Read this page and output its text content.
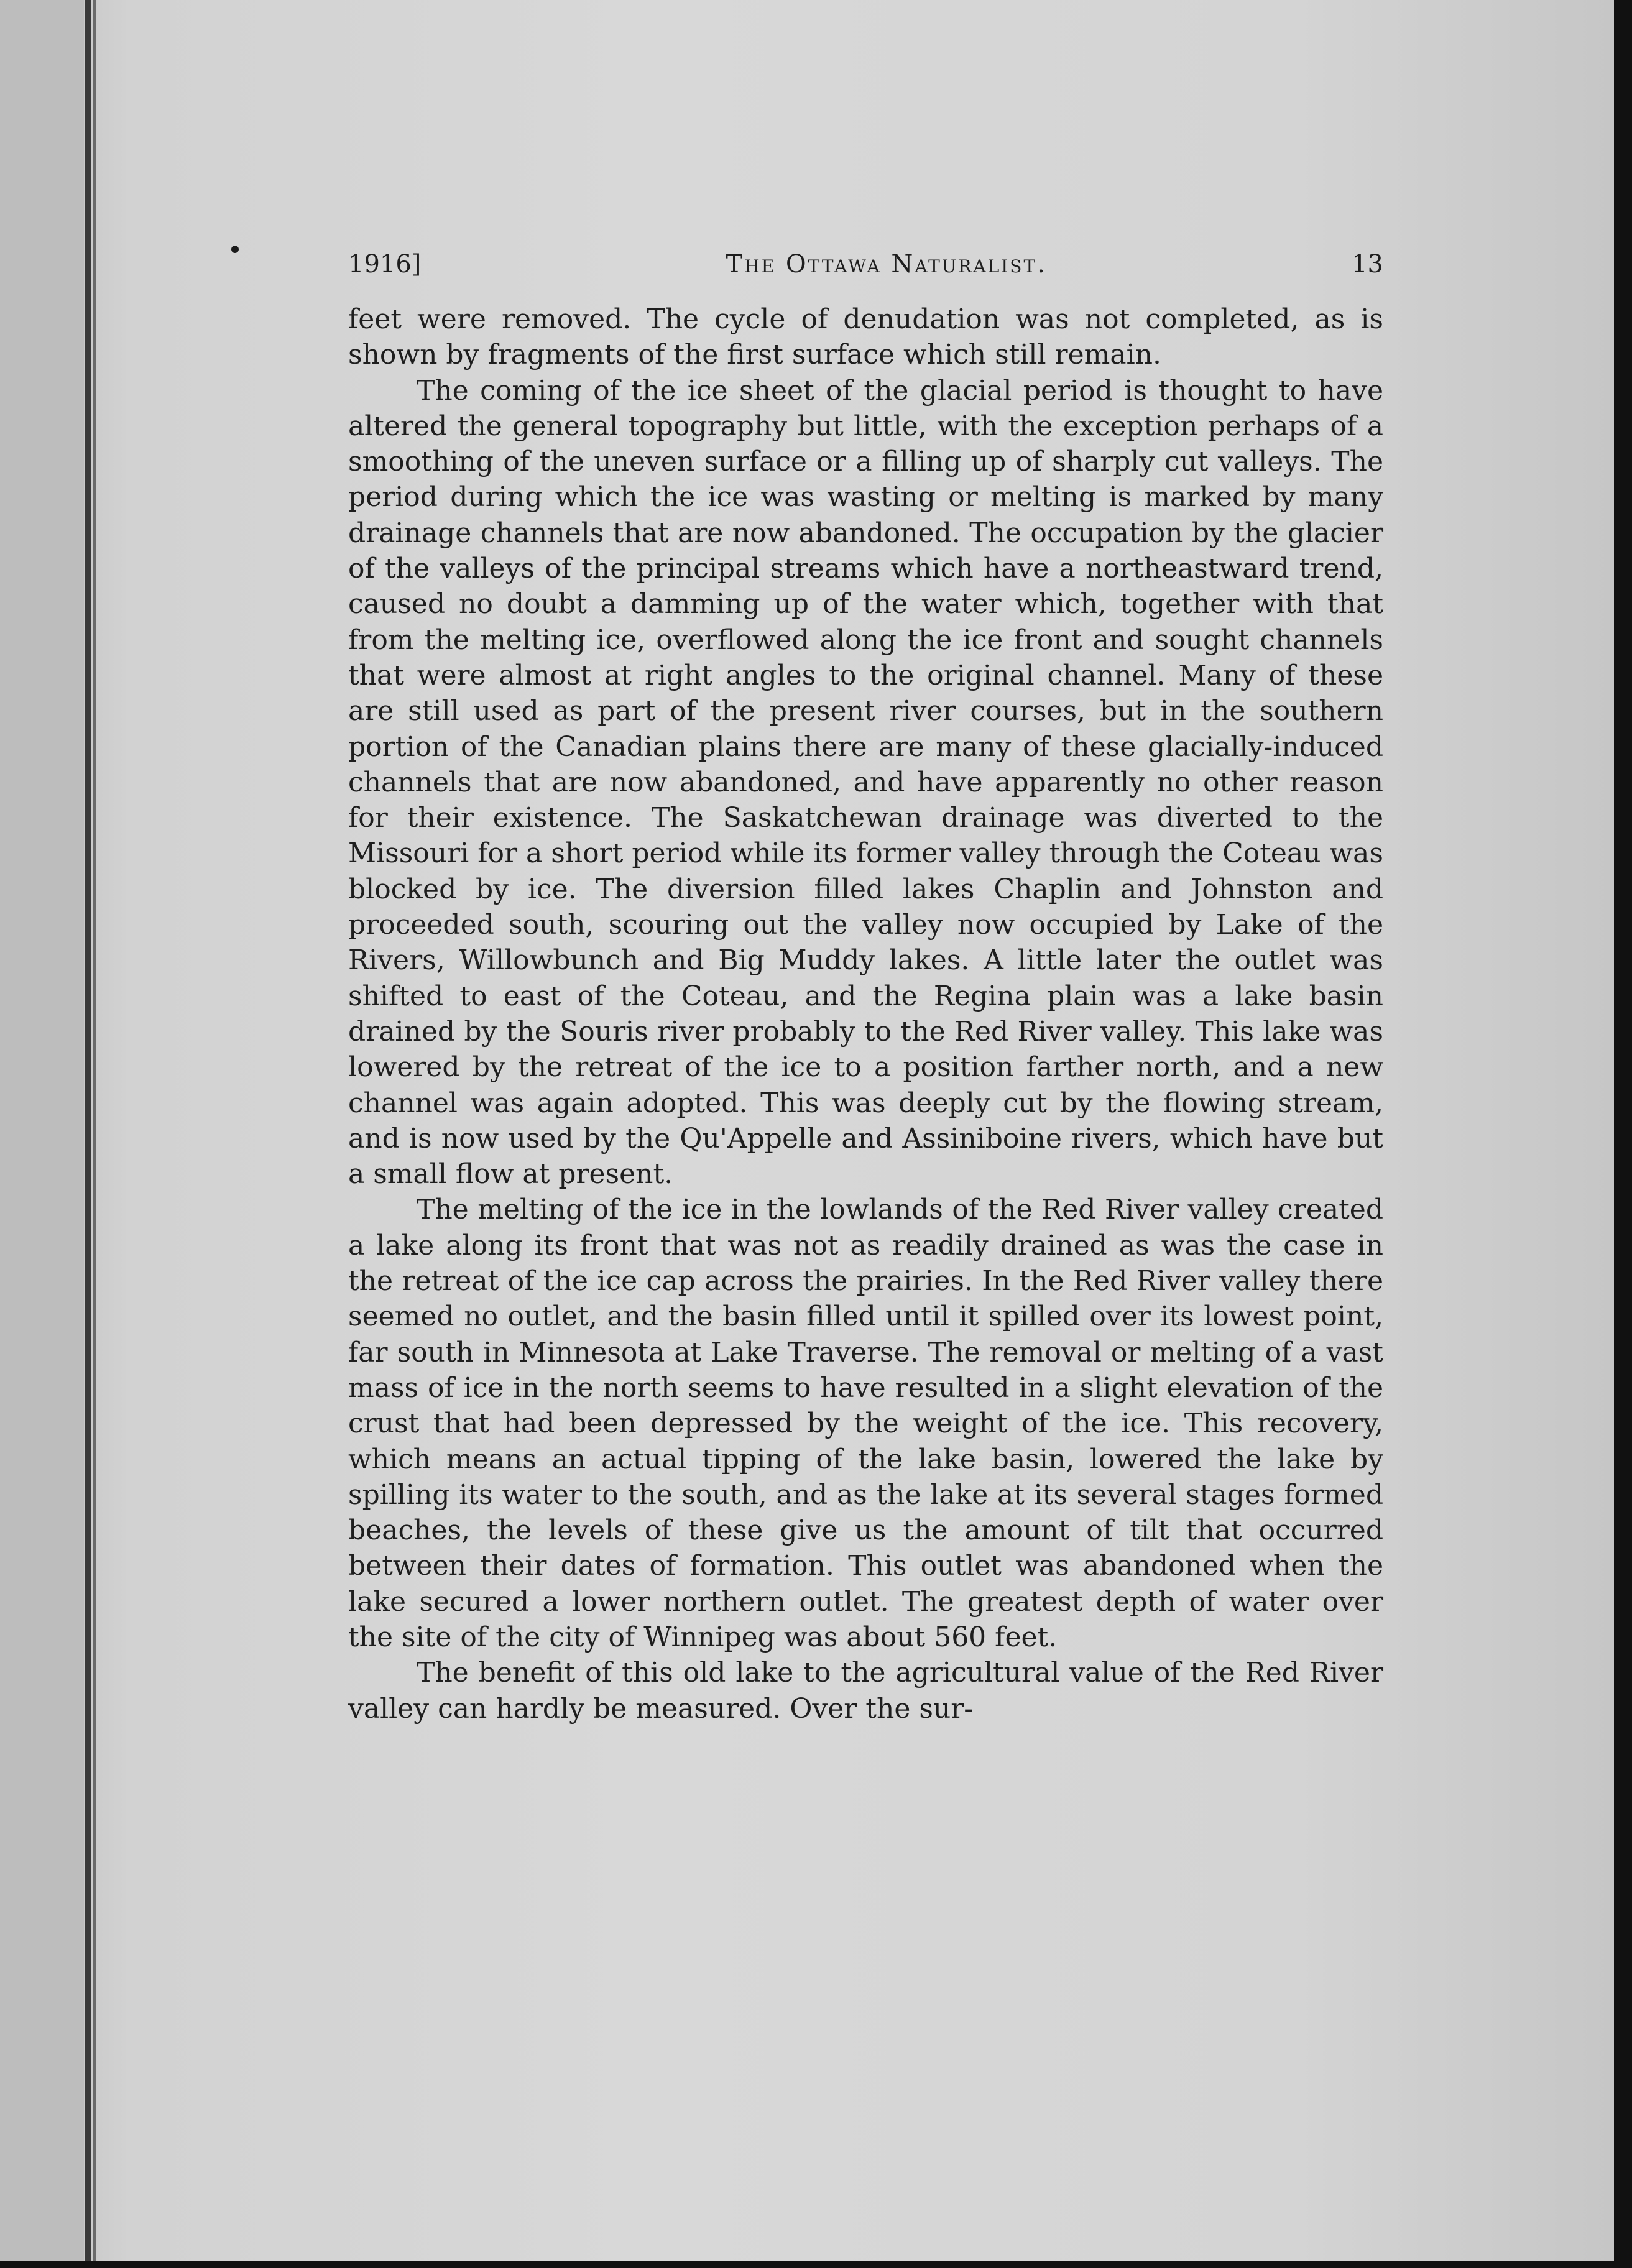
1916]	The Ottawa Naturalist.	13

feet were removed. The cycle of denudation was not completed, as is shown by fragments of the first surface which still remain.

The coming of the ice sheet of the glacial period is thought to have altered the general topography but little, with the exception perhaps of a smoothing of the uneven surface or a filling up of sharply cut valleys. The period during which the ice was wasting or melting is marked by many drainage channels that are now abandoned. The occupation by the glacier of the valleys of the principal streams which have a northeastward trend, caused no doubt a damming up of the water which, together with that from the melting ice, overflowed along the ice front and sought channels that were almost at right angles to the original channel. Many of these are still used as part of the present river courses, but in the southern portion of the Canadian plains there are many of these glacially-induced channels that are now abandoned, and have apparently no other reason for their existence. The Saskatchewan drainage was diverted to the Missouri for a short period while its former valley through the Coteau was blocked by ice. The diversion filled lakes Chaplin and Johnston and proceeded south, scouring out the valley now occupied by Lake of the Rivers, Willowbunch and Big Muddy lakes. A little later the outlet was shifted to east of the Coteau, and the Regina plain was a lake basin drained by the Souris river probably to the Red River valley. This lake was lowered by the retreat of the ice to a position farther north, and a new channel was again adopted. This was deeply cut by the flowing stream, and is now used by the Qu'Appelle and Assiniboine rivers, which have but a small flow at present.

The melting of the ice in the lowlands of the Red River valley created a lake along its front that was not as readily drained as was the case in the retreat of the ice cap across the prairies. In the Red River valley there seemed no outlet, and the basin filled until it spilled over its lowest point, far south in Minnesota at Lake Traverse. The removal or melting of a vast mass of ice in the north seems to have resulted in a slight elevation of the crust that had been depressed by the weight of the ice. This recovery, which means an actual tipping of the lake basin, lowered the lake by spilling its water to the south, and as the lake at its several stages formed beaches, the levels of these give us the amount of tilt that occurred between their dates of formation. This outlet was abandoned when the lake secured a lower northern outlet. The greatest depth of water over the site of the city of Winnipeg was about 560 feet.

The benefit of this old lake to the agricultural value of the Red River valley can hardly be measured. Over the sur-
